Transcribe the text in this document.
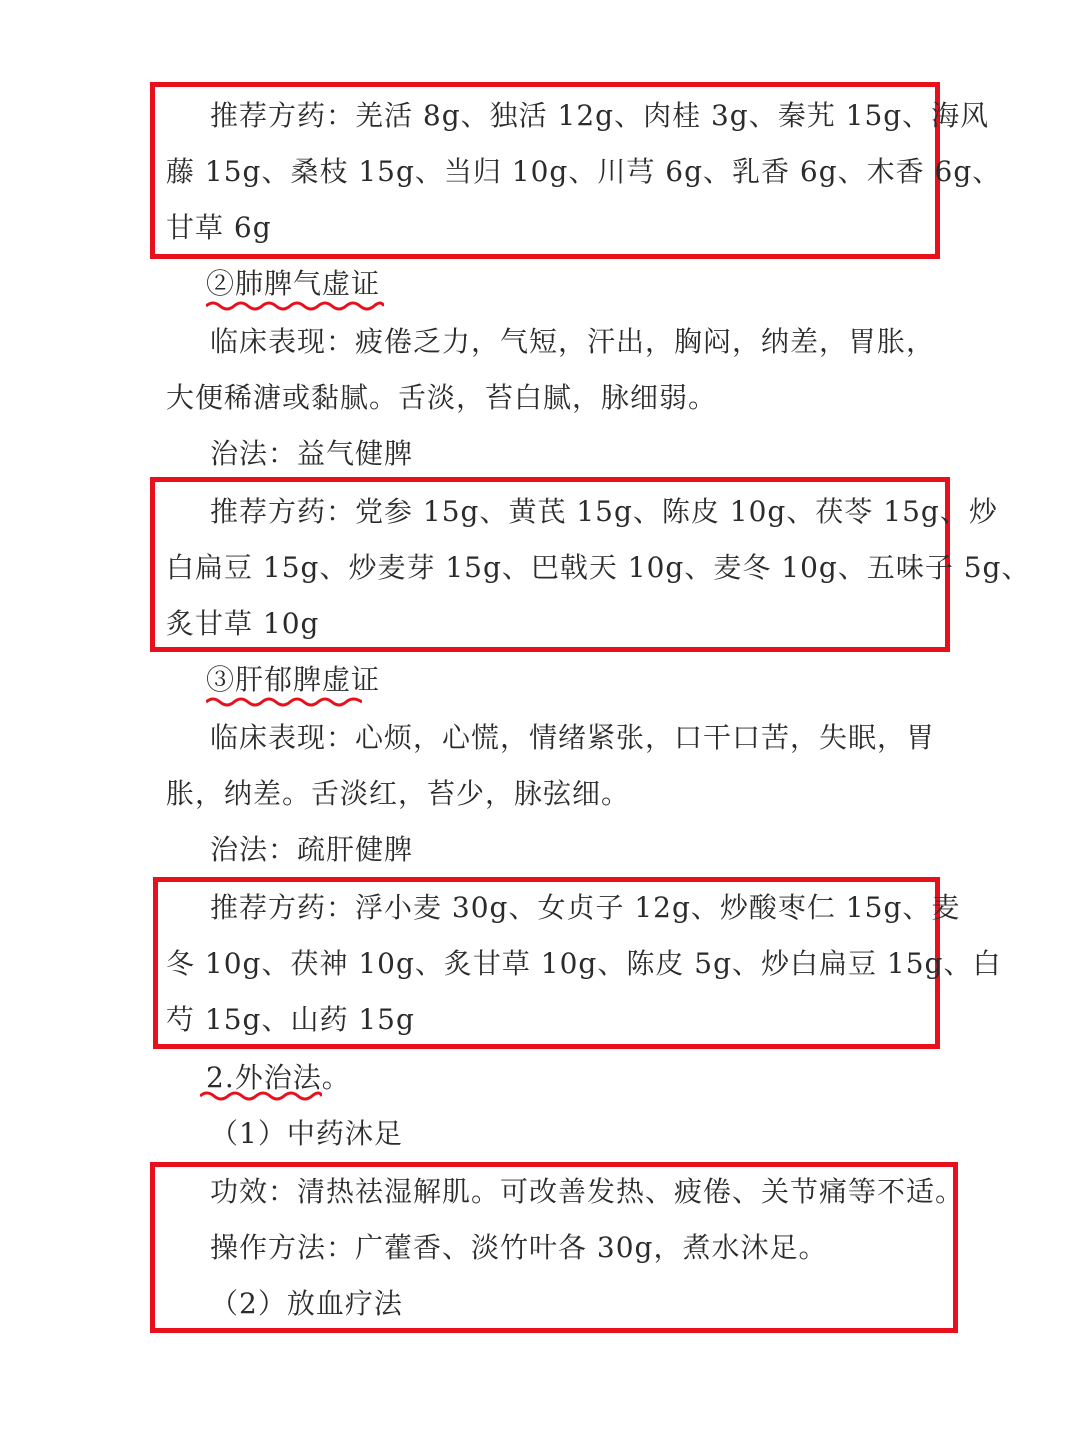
推荐方药：羌活 8g、独活 12g、肉桂 3g、秦艽 15g、海风
藤 15g、桑枝 15g、当归 10g、川芎 6g、乳香 6g、木香 6g、
甘草 6g
②肺脾气虚证
临床表现：疲倦乏力，气短，汗出，胸闷，纳差，胃胀，
大便稀溏或黏腻。舌淡，苔白腻，脉细弱。
治法：益气健脾
推荐方药：党参 15g、黄芪 15g、陈皮 10g、茯苓 15g、炒
白扁豆 15g、炒麦芽 15g、巴戟天 10g、麦冬 10g、五味子 5g、
炙甘草 10g
③肝郁脾虚证
临床表现：心烦，心慌，情绪紧张，口干口苦，失眠，胃
胀，纳差。舌淡红，苔少，脉弦细。
治法：疏肝健脾
推荐方药：浮小麦 30g、女贞子 12g、炒酸枣仁 15g、麦
冬 10g、茯神 10g、炙甘草 10g、陈皮 5g、炒白扁豆 15g、白
芍 15g、山药 15g
2.外治法。
（1）中药沐足
功效：清热祛湿解肌。可改善发热、疲倦、关节痛等不适。
操作方法：广藿香、淡竹叶各 30g，煮水沐足。
（2）放血疗法
